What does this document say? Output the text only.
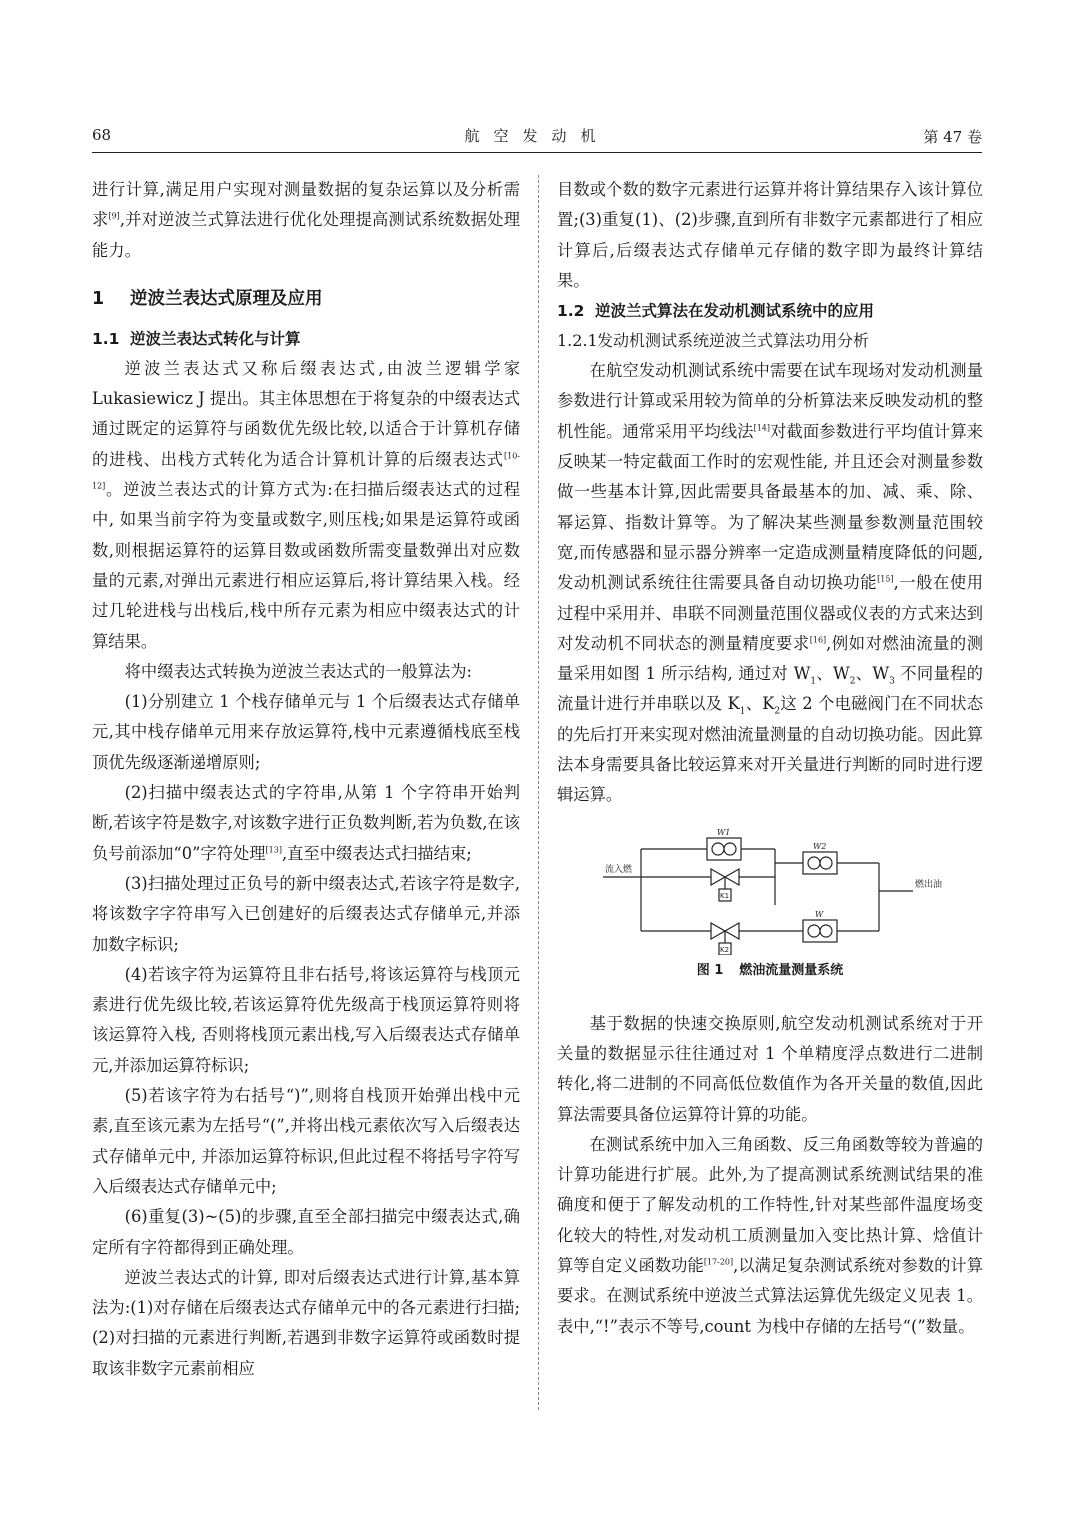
68	航空发动机	第 47 卷

进行计算,满足用户实现对测量数据的复杂运算以及分析需求[9],并对逆波兰式算法进行优化处理提高测试系统数据处理能力。

1 逆波兰表达式原理及应用
1.1 逆波兰表达式转化与计算

逆波兰表达式又称后缀表达式,由波兰逻辑学家 Lukasiewicz J 提出。其主体思想在于将复杂的中缀表达式通过既定的运算符与函数优先级比较,以适合于计算机存储的进栈、出栈方式转化为适合计算机计算的后缀表达式[10-12]。逆波兰表达式的计算方式为:在扫描后缀表达式的过程中, 如果当前字符为变量或数字,则压栈;如果是运算符或函数,则根据运算符的运算目数或函数所需变量数弹出对应数量的元素,对弹出元素进行相应运算后,将计算结果入栈。经过几轮进栈与出栈后,栈中所存元素为相应中缀表达式的计算结果。

将中缀表达式转换为逆波兰表达式的一般算法为:

(1)分别建立 1 个栈存储单元与 1 个后缀表达式存储单元,其中栈存储单元用来存放运算符,栈中元素遵循栈底至栈顶优先级逐渐递增原则;

(2)扫描中缀表达式的字符串,从第 1 个字符串开始判断,若该字符是数字,对该数字进行正负数判断,若为负数,在该负号前添加“0”字符处理[13],直至中缀表达式扫描结束;

(3)扫描处理过正负号的新中缀表达式,若该字符是数字,将该数字字符串写入已创建好的后缀表达式存储单元,并添加数字标识;

(4)若该字符为运算符且非右括号,将该运算符与栈顶元素进行优先级比较,若该运算符优先级高于栈顶运算符则将该运算符入栈, 否则将栈顶元素出栈,写入后缀表达式存储单元,并添加运算符标识;

(5)若该字符为右括号“)”,则将自栈顶开始弹出栈中元素,直至该元素为左括号“(”,并将出栈元素依次写入后缀表达式存储单元中, 并添加运算符标识,但此过程不将括号字符写入后缀表达式存储单元中;

(6)重复(3)~(5)的步骤,直至全部扫描完中缀表达式,确定所有字符都得到正确处理。

逆波兰表达式的计算, 即对后缀表达式进行计算,基本算法为:(1)对存储在后缀表达式存储单元中的各元素进行扫描;(2)对扫描的元素进行判断,若遇到非数字运算符或函数时提取该非数字元素前相应

目数或个数的数字元素进行运算并将计算结果存入该计算位置;(3)重复(1)、(2)步骤,直到所有非数字元素都进行了相应计算后,后缀表达式存储单元存储的数字即为最终计算结果。

1.2 逆波兰式算法在发动机测试系统中的应用
1.2.1发动机测试系统逆波兰式算法功用分析

在航空发动机测试系统中需要在试车现场对发动机测量参数进行计算或采用较为简单的分析算法来反映发动机的整机性能。通常采用平均线法[14]对截面参数进行平均值计算来反映某一特定截面工作时的宏观性能, 并且还会对测量参数做一些基本计算,因此需要具备最基本的加、减、乘、除、幂运算、指数计算等。为了解决某些测量参数测量范围较宽,而传感器和显示器分辨率一定造成测量精度降低的问题,发动机测试系统往往需要具备自动切换功能[15],一般在使用过程中采用并、串联不同测量范围仪器或仪表的方式来达到对发动机不同状态的测量精度要求[16],例如对燃油流量的测量采用如图 1 所示结构, 通过对 $W_1$、$W_2$、$W_3$ 不同量程的流量计进行并串联以及 $K_1$、$K_2$这 2 个电磁阀门在不同状态的先后打开来实现对燃油流量测量的自动切换功能。因此算法本身需要具备比较运算来对开关量进行判断的同时进行逻辑运算。

流入燃
燃出油
W1
W2
W
K1
K2
图 1 燃油流量测量系统

基于数据的快速交换原则,航空发动机测试系统对于开关量的数据显示往往通过对 1 个单精度浮点数进行二进制转化,将二进制的不同高低位数值作为各开关量的数值,因此算法需要具备位运算符计算的功能。

在测试系统中加入三角函数、反三角函数等较为普遍的计算功能进行扩展。此外,为了提高测试系统测试结果的准确度和便于了解发动机的工作特性,针对某些部件温度场变化较大的特性,对发动机工质测量加入变比热计算、焓值计算等自定义函数功能[17-20],以满足复杂测试系统对参数的计算要求。在测试系统中逆波兰式算法运算优先级定义见表 1。表中,“!”表示不等号,count 为栈中存储的左括号“(”数量。
